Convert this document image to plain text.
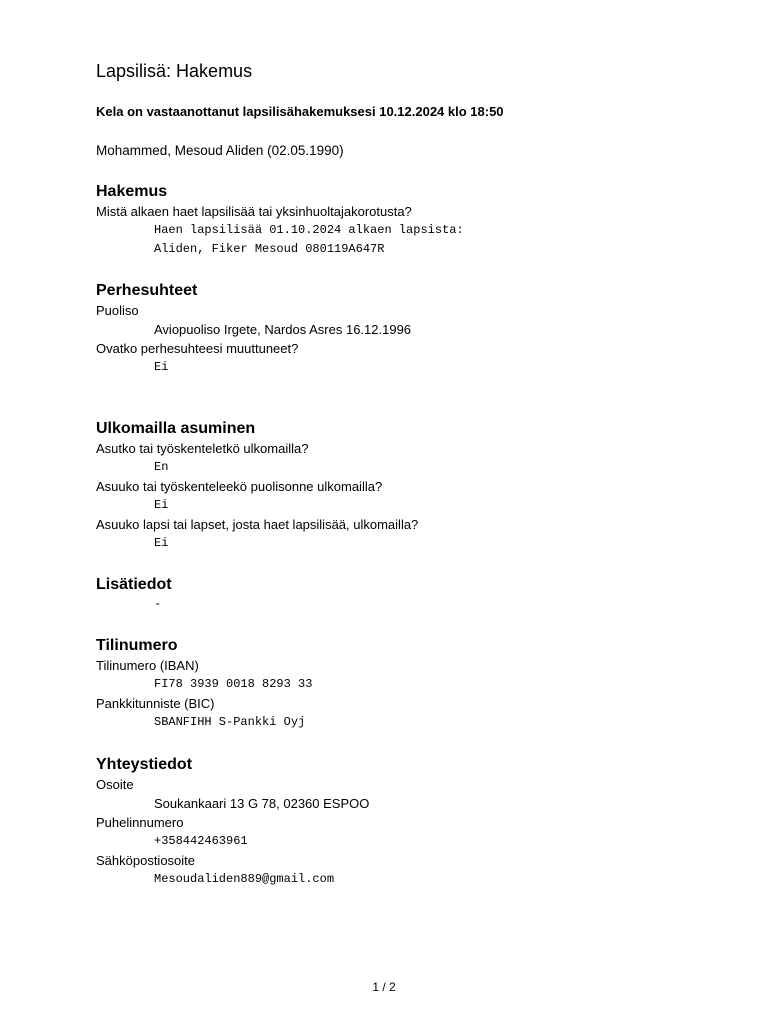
Lapsilisä: Hakemus

Kela on vastaanottanut lapsilisähakemuksesi 10.12.2024 klo 18:50

Mohammed, Mesoud Aliden (02.05.1990)

Hakemus

Mistä alkaen haet lapsilisää tai yksinhuoltajakorotusta?

Haen lapsilisää 01.10.2024 alkaen lapsista:

Aliden, Fiker Mesoud 080119A647R

Perhesuhteet

Puoliso

Aviopuoliso Irgete, Nardos Asres 16.12.1996

Ovatko perhesuhteesi muuttuneet?

Ei

Ulkomailla asuminen

Asutko tai työskenteletkö ulkomailla?

En

Asuuko tai työskenteleekö puolisonne ulkomailla?

Ei

Asuuko lapsi tai lapset, josta haet lapsilisää, ulkomailla?

Ei

Lisätiedot

-

Tilinumero

Tilinumero (IBAN)

FI78 3939 0018 8293 33

Pankkitunniste (BIC)

SBANFIHH S-Pankki Oyj

Yhteystiedot

Osoite

Soukankaari 13 G 78, 02360 ESPOO

Puhelinnumero

+358442463961

Sähköpostiosoite

Mesoudaliden889@gmail.com

1 / 2
